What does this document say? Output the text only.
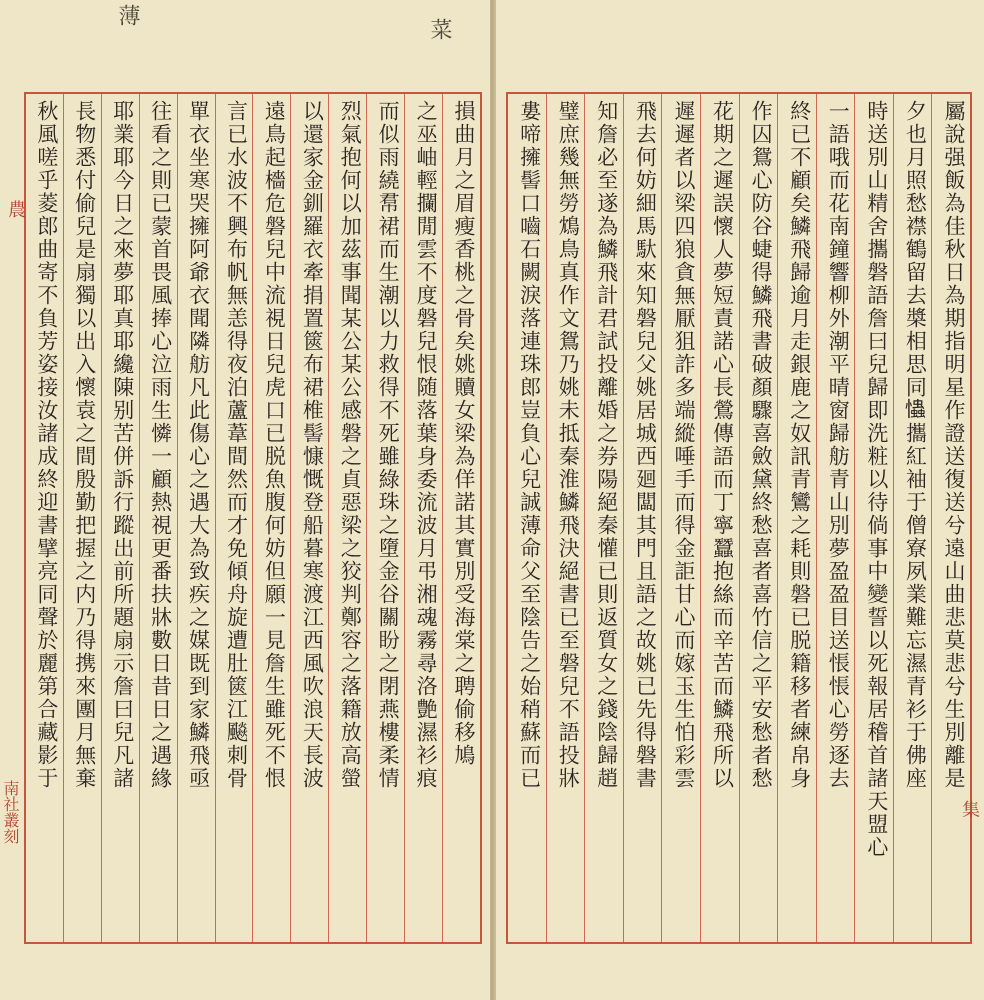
屬說强飯為佳秋日為期指明星作證送復送兮遠山曲悲莫悲兮生別離是
夕也月照愁襟鶴留去槳相思同𢥞攜紅袖于僧寮夙業難忘濕青衫于佛座
時送別山精舍攜磐語詹曰兒歸即洗粧以待倘事中變誓以死報居稽首諸天盟心
一語哦而花南鐘響柳外潮平晴窗歸舫青山別夢盈盈目送悵悵心勞逐去
終已不顧矣鱗飛歸逾月走銀鹿之奴訊青鸞之耗則磐已脱籍移者練帛身
作囚鴛心防谷蜨得鱗飛書破顏驟喜斂黛終愁喜者喜竹信之平安愁者愁
花期之遲誤懷人夢短責諾心長鶯傳語而丁寧蠶抱絲而辛苦而鱗飛所以
遲遲者以梁四狼貪無厭狙詐多端縱唾手而得金詎甘心而嫁玉生怕彩雲
飛去何妨細馬馱來知磐兒父姚居城西廻闆其門且語之故姚已先得磐書
知詹必至遂為鱗飛計君試投離婚之券陽絕秦懽已則返質女之錢陰歸趙
璧庶幾無勞鴆鳥真作文鴛乃姚未抵秦淮鱗飛決絕書已至磐兒不語投牀
婁啼擁髻口嚙石闕淚落連珠郎豈負心兒誠薄命父至陰告之始稍蘇而已
集
薄
菜
損曲月之眉瘦香桃之骨矣姚贖女梁為佯諾其實別受海棠之聘偷移鳩
之巫岫輕攔閒雲不度磐兒恨随落葉身委流波月弔湘魂霧尋洛艶濕衫痕
而似雨繞帬裙而生潮以力救得不死雖綠珠之墮金谷關盼之閉燕樓柔情
烈氣抱何以加茲事聞某公某公感磐之貞惡梁之狡判鄭容之落籍放高螢
以還家金釧羅衣牽捐置篋布裙椎髻慷慨登船暮寒渡江西風吹浪天長波
遠鳥起檣危磐兒中流視日兒虎口已脱魚腹何妨但願一見詹生雖死不恨
言已水波不興布帆無恙得夜泊蘆葦間然而才免傾舟旋遭肚篋江飈刺骨
單衣坐寒哭擁阿爺衣聞隣舫凡此傷心之遇大為致疾之媒既到家鱗飛亟
往看之則已蒙首畏風捧心泣雨生憐一顧熱視更番扶牀數日昔日之遇緣
耶業耶今日之來夢耶真耶纔陳别苦併訴行蹤出前所題扇示詹曰兒凡諸
長物悉付偷兒是扇獨以出入懷袁之間殷勤把握之内乃得携來團月無棄
秋風嗟乎菱郎曲寄不負芳姿接汝諸成終迎書擘亮同聲於麗第合藏影于
農
南社叢刻
